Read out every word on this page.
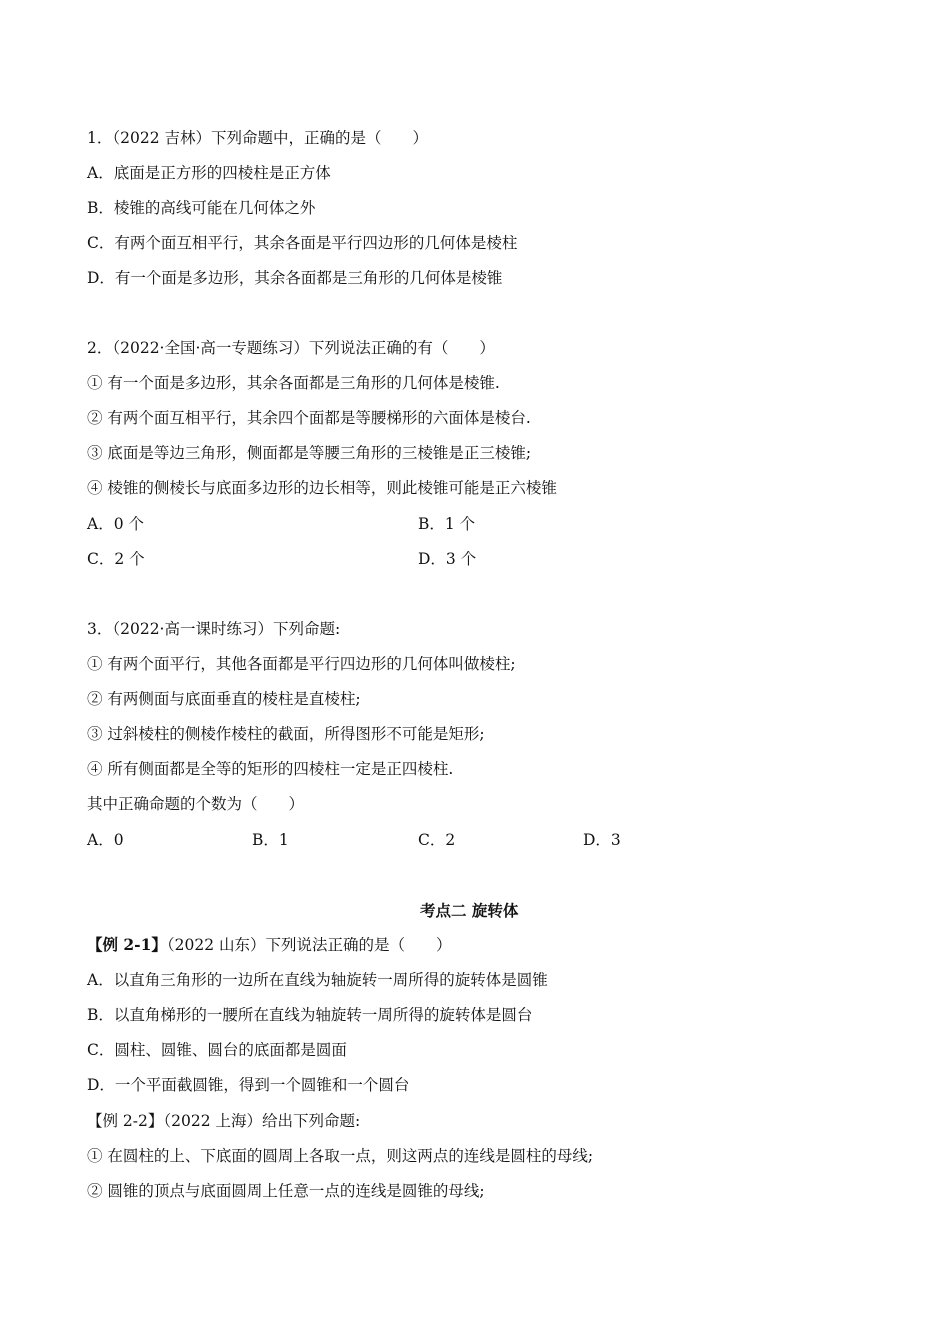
1．（2022 吉林）下列命题中，正确的是（　　）
A．底面是正方形的四棱柱是正方体
B．棱锥的高线可能在几何体之外
C．有两个面互相平行，其余各面是平行四边形的几何体是棱柱
D．有一个面是多边形，其余各面都是三角形的几何体是棱锥
2．（2022·全国·高一专题练习）下列说法正确的有（　　）
① 有一个面是多边形，其余各面都是三角形的几何体是棱锥.
② 有两个面互相平行，其余四个面都是等腰梯形的六面体是棱台.
③ 底面是等边三角形，侧面都是等腰三角形的三棱锥是正三棱锥;
④ 棱锥的侧棱长与底面多边形的边长相等，则此棱锥可能是正六棱锥
A．0 个	B．1 个
C．2 个	D．3 个
3．（2022·高一课时练习）下列命题:
① 有两个面平行，其他各面都是平行四边形的几何体叫做棱柱;
② 有两侧面与底面垂直的棱柱是直棱柱;
③ 过斜棱柱的侧棱作棱柱的截面，所得图形不可能是矩形;
④ 所有侧面都是全等的矩形的四棱柱一定是正四棱柱.
其中正确命题的个数为（　　）
A．0	B．1	C．2	D．3
考点二 旋转体
【例 2-1】（2022 山东）下列说法正确的是（　　）
A．以直角三角形的一边所在直线为轴旋转一周所得的旋转体是圆锥
B．以直角梯形的一腰所在直线为轴旋转一周所得的旋转体是圆台
C．圆柱、圆锥、圆台的底面都是圆面
D．一个平面截圆锥，得到一个圆锥和一个圆台
【例 2-2】（2022 上海）给出下列命题:
① 在圆柱的上、下底面的圆周上各取一点，则这两点的连线是圆柱的母线;
② 圆锥的顶点与底面圆周上任意一点的连线是圆锥的母线;
